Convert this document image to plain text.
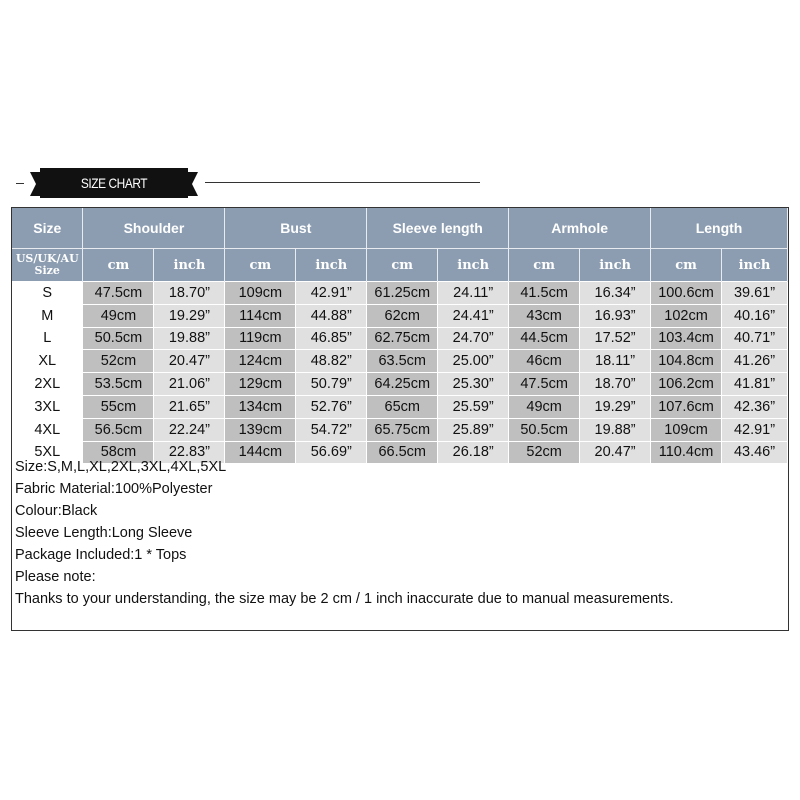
SIZE CHART
Size	Shoulder		Bust		Sleeve length		Armhole		Length	
US/UK/AU Size	cm	inch	cm	inch	cm	inch	cm	inch	cm	inch
S	47.5cm	18.70”	109cm	42.91”	61.25cm	24.11”	41.5cm	16.34”	100.6cm	39.61”
M	49cm	19.29”	114cm	44.88”	62cm	24.41”	43cm	16.93”	102cm	40.16”
L	50.5cm	19.88”	119cm	46.85”	62.75cm	24.70”	44.5cm	17.52”	103.4cm	40.71”
XL	52cm	20.47”	124cm	48.82”	63.5cm	25.00”	46cm	18.11”	104.8cm	41.26”
2XL	53.5cm	21.06”	129cm	50.79”	64.25cm	25.30”	47.5cm	18.70”	106.2cm	41.81”
3XL	55cm	21.65”	134cm	52.76”	65cm	25.59”	49cm	19.29”	107.6cm	42.36”
4XL	56.5cm	22.24”	139cm	54.72”	65.75cm	25.89”	50.5cm	19.88”	109cm	42.91”
5XL	58cm	22.83”	144cm	56.69”	66.5cm	26.18”	52cm	20.47”	110.4cm	43.46”
Size:S,M,L,XL,2XL,3XL,4XL,5XL
Fabric Material:100%Polyester
Colour:Black
Sleeve Length:Long Sleeve
Package Included:1 * Tops
Please note:
Thanks to your understanding, the size may be 2 cm / 1 inch inaccurate due to manual measurements.
